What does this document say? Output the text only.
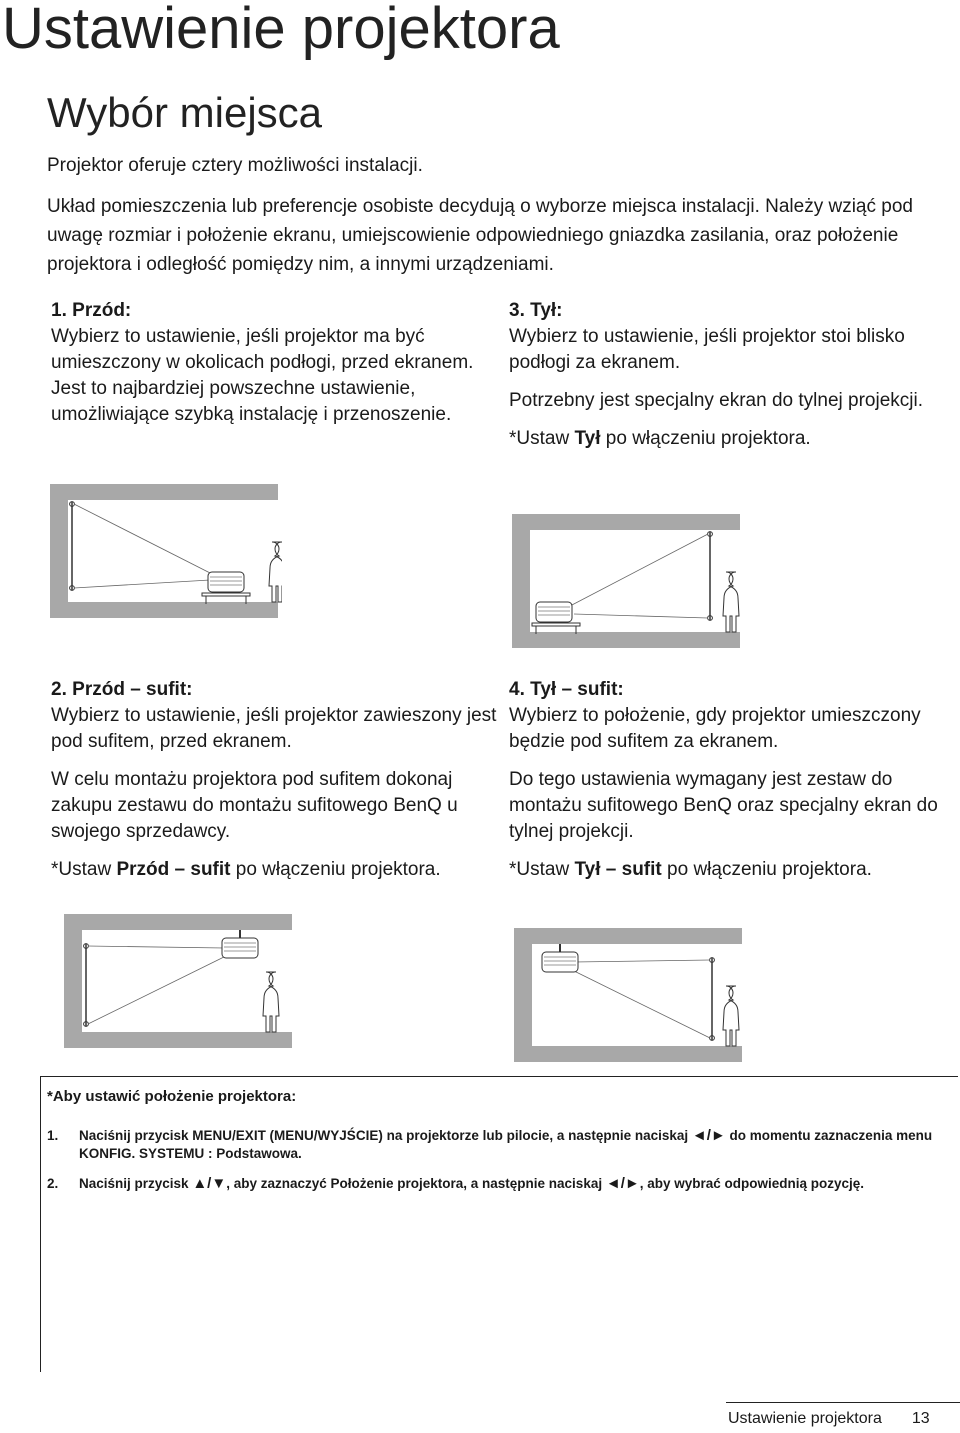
Ustawienie projektora
Wybór miejsca
Projektor oferuje cztery możliwości instalacji.
Układ pomieszczenia lub preferencje osobiste decydują o wyborze miejsca instalacji. Należy wziąć pod uwagę rozmiar i położenie ekranu, umiejscowienie odpowiedniego gniazdka zasilania, oraz położenie projektora i odległość pomiędzy nim, a innymi urządzeniami.
1. Przód:

Wybierz to ustawienie, jeśli projektor ma być umieszczony w okolicach podłogi, przed ekranem. Jest to najbardziej powszechne ustawienie, umożliwiające szybką instalację i przenoszenie.

3. Tył:

Wybierz to ustawienie, jeśli projektor stoi blisko podłogi za ekranem.

Potrzebny jest specjalny ekran do tylnej projekcji.

*Ustaw Tył po włączeniu projektora.

2. Przód – sufit:

Wybierz to ustawienie, jeśli projektor zawieszony jest pod sufitem, przed ekranem.

W celu montażu projektora pod sufitem dokonaj zakupu zestawu do montażu sufitowego BenQ u swojego sprzedawcy.

*Ustaw Przód – sufit po włączeniu projektora.

4. Tył – sufit:

Wybierz to położenie, gdy projektor umieszczony będzie pod sufitem za ekranem.

Do tego ustawienia wymagany jest zestaw do montażu sufitowego BenQ oraz specjalny ekran do tylnej projekcji.

*Ustaw Tył – sufit po włączeniu projektora.

*Aby ustawić położenie projektora:
1.	Naciśnij przycisk MENU/EXIT (MENU/WYJŚCIE) na projektorze lub pilocie, a następnie naciskaj ◄/► do momentu zaznaczenia menu KONFIG. SYSTEMU : Podstawowa.
2.	Naciśnij przycisk ▲/▼, aby zaznaczyć Położenie projektora, a następnie naciskaj ◄/►, aby wybrać odpowiednią pozycję.
Ustawienie projektora 13
